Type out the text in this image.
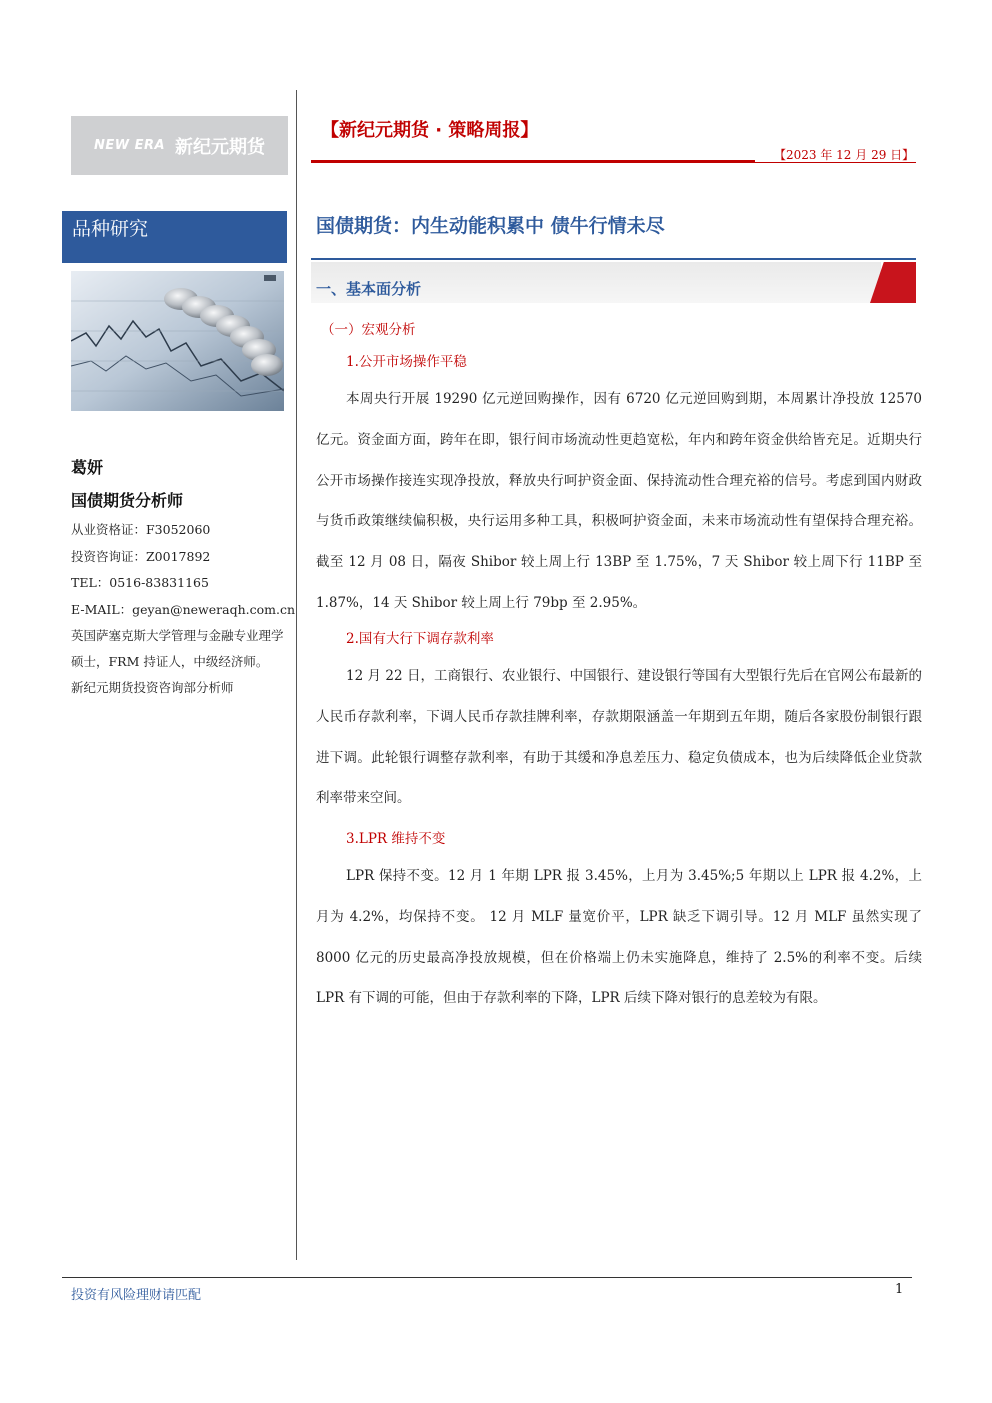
NEW ERA 新纪元期货
品种研究
葛妍
国债期货分析师
从业资格证：F3052060
投资咨询证：Z0017892
TEL：0516-83831165
E-MAIL：geyan@neweraqh.com.cn
英国萨塞克斯大学管理与金融专业理学硕士，FRM 持证人，中级经济师。
新纪元期货投资咨询部分析师
【新纪元期货 · 策略周报】
【2023 年 12 月 29 日】
国债期货：内生动能积累中 债牛行情未尽
一、基本面分析
（一）宏观分析
1.公开市场操作平稳
本周央行开展 19290 亿元逆回购操作，因有 6720 亿元逆回购到期，本周累计净投放 12570 亿元。资金面方面，跨年在即，银行间市场流动性更趋宽松，年内和跨年资金供给皆充足。近期央行公开市场操作接连实现净投放，释放央行呵护资金面、保持流动性合理充裕的信号。考虑到国内财政与货币政策继续偏积极，央行运用多种工具，积极呵护资金面，未来市场流动性有望保持合理充裕。截至 12 月 08 日，隔夜 Shibor 较上周上行 13BP 至 1.75%，7 天 Shibor 较上周下行 11BP 至 1.87%，14 天 Shibor 较上周上行 79bp 至 2.95%。
2.国有大行下调存款利率
12 月 22 日，工商银行、农业银行、中国银行、建设银行等国有大型银行先后在官网公布最新的人民币存款利率，下调人民币存款挂牌利率，存款期限涵盖一年期到五年期，随后各家股份制银行跟进下调。此轮银行调整存款利率，有助于其缓和净息差压力、稳定负债成本，也为后续降低企业贷款利率带来空间。
3.LPR 维持不变
LPR 保持不变。12 月 1 年期 LPR 报 3.45%，上月为 3.45%;5 年期以上 LPR 报 4.2%，上月为 4.2%，均保持不变。 12 月 MLF 量宽价平，LPR 缺乏下调引导。12 月 MLF 虽然实现了 8000 亿元的历史最高净投放规模，但在价格端上仍未实施降息，维持了 2.5%的利率不变。后续 LPR 有下调的可能，但由于存款利率的下降，LPR 后续下降对银行的息差较为有限。
投资有风险理财请匹配	1
